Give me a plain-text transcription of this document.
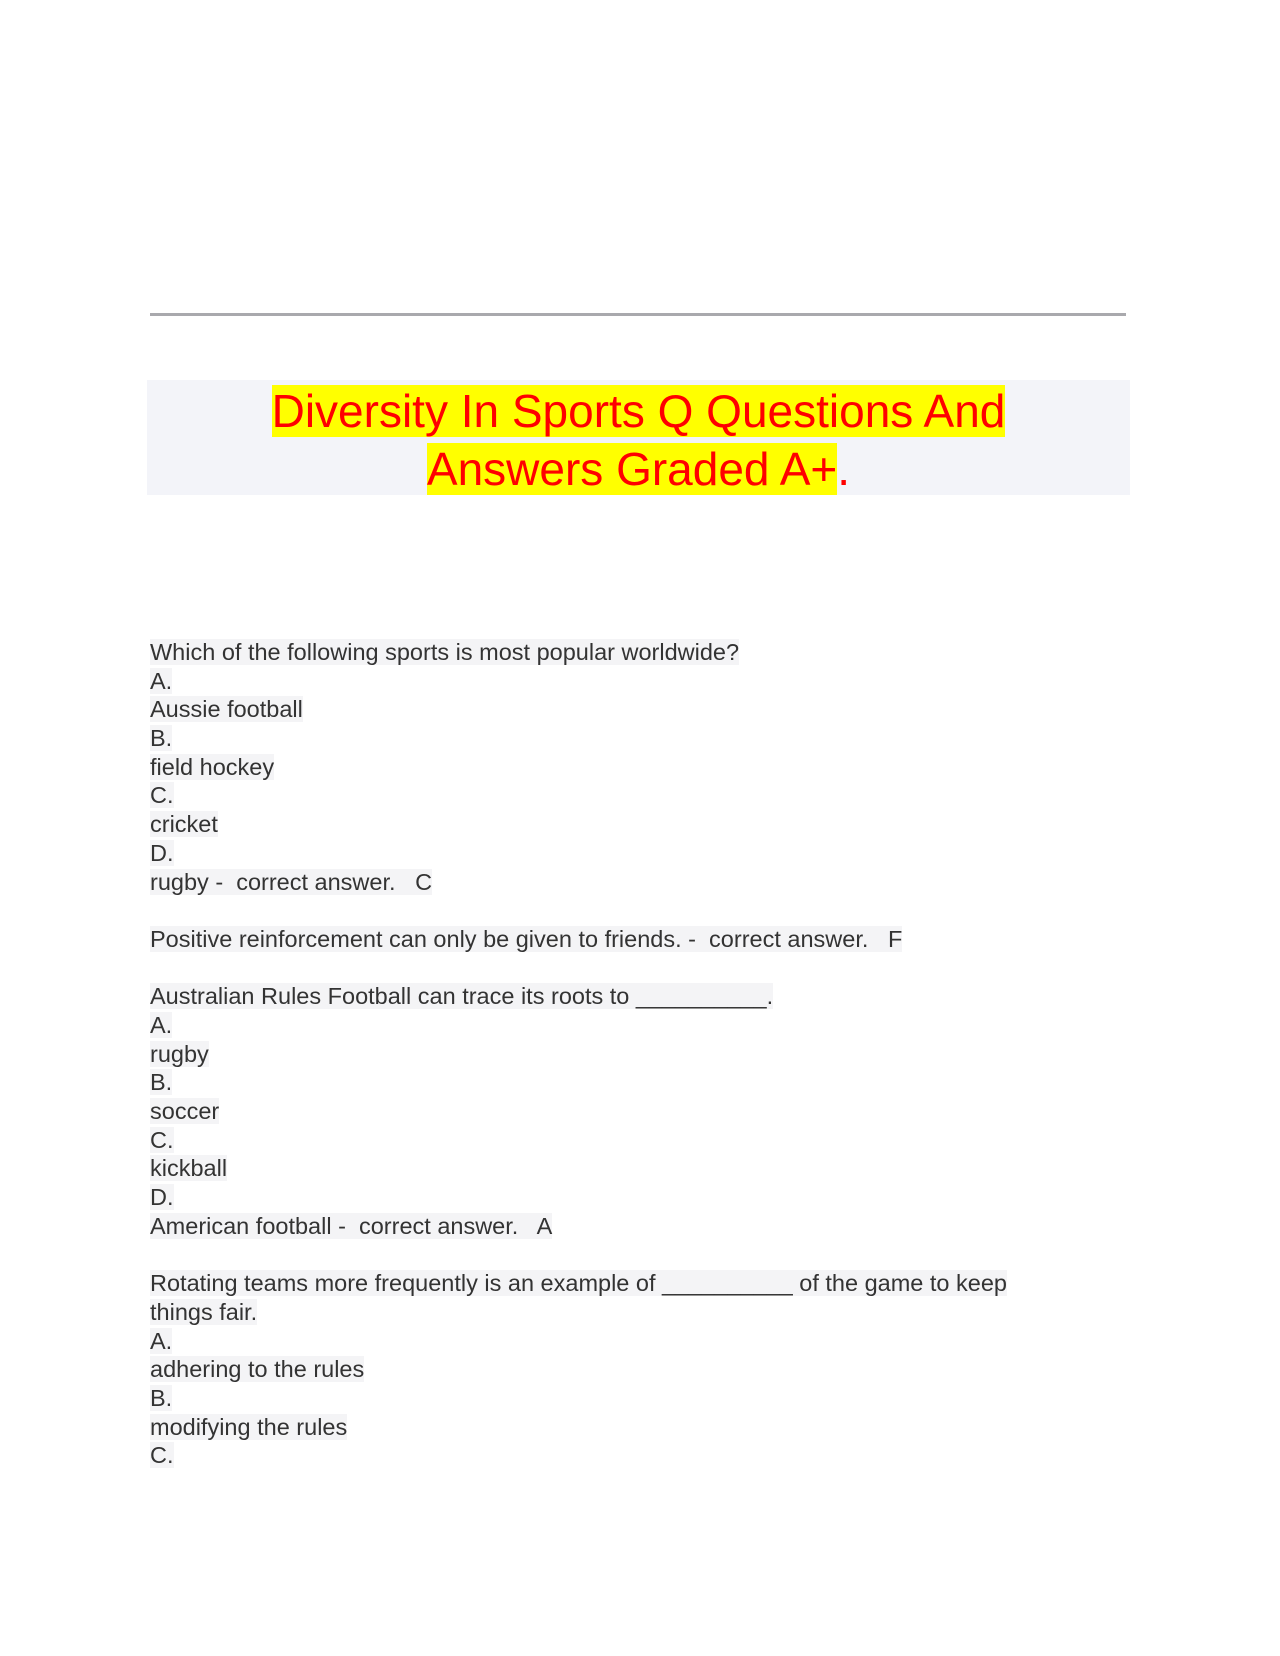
Diversity In Sports Q Questions And
Answers Graded A+.
Which of the following sports is most popular worldwide?
A.
Aussie football
B.
field hockey
C.
cricket
D.
rugby -  correct answer.   C
Positive reinforcement can only be given to friends. -  correct answer.   F
Australian Rules Football can trace its roots to __________.
A.
rugby
B.
soccer
C.
kickball
D.
American football -  correct answer.   A
Rotating teams more frequently is an example of __________ of the game to keep
things fair.
A.
adhering to the rules
B.
modifying the rules
C.
